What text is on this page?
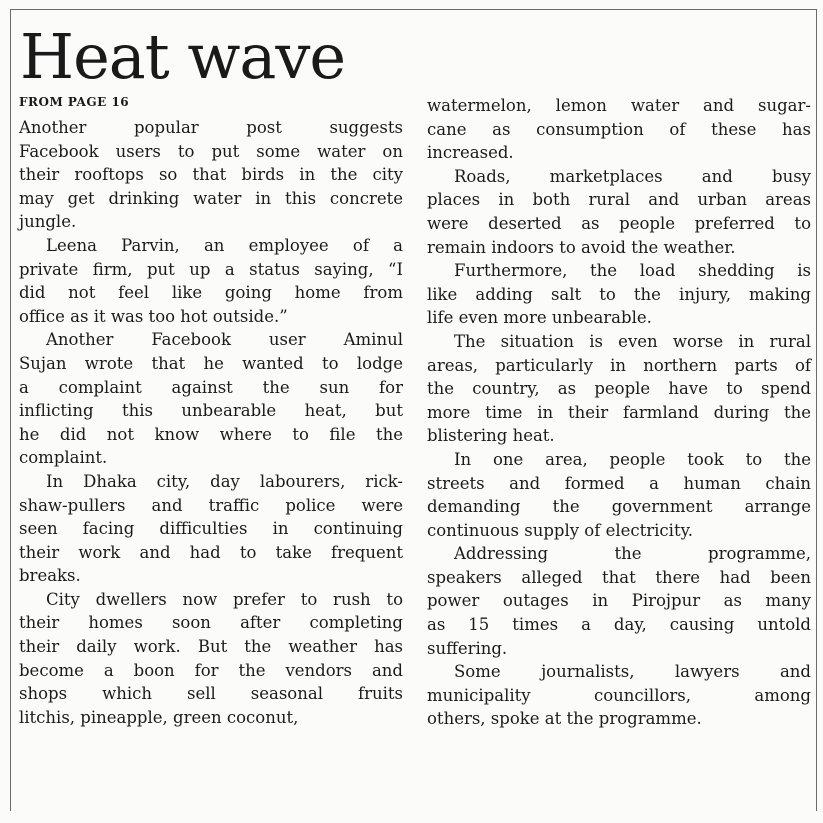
Heat wave
FROM PAGE 16

Another popular post suggests

Facebook users to put some water on

their rooftops so that birds in the city

may get drinking water in this concrete

jungle.

Leena Parvin, an employee of a

private firm, put up a status saying, “I

did not feel like going home from

office as it was too hot outside.”

Another Facebook user Aminul

Sujan wrote that he wanted to lodge

a complaint against the sun for

inflicting this unbearable heat, but

he did not know where to file the

complaint.

In Dhaka city, day labourers, rick-

shaw-pullers and traffic police were

seen facing difficulties in continuing

their work and had to take frequent

breaks.

City dwellers now prefer to rush to

their homes soon after completing

their daily work. But the weather has

become a boon for the vendors and

shops which sell seasonal fruits

litchis, pineapple, green coconut,

watermelon, lemon water and sugar-

cane as consumption of these has

increased.

Roads, marketplaces and busy

places in both rural and urban areas

were deserted as people preferred to

remain indoors to avoid the weather.

Furthermore, the load shedding is

like adding salt to the injury, making

life even more unbearable.

The situation is even worse in rural

areas, particularly in northern parts of

the country, as people have to spend

more time in their farmland during the

blistering heat.

In one area, people took to the

streets and formed a human chain

demanding the government arrange

continuous supply of electricity.

Addressing the programme,

speakers alleged that there had been

power outages in Pirojpur as many

as 15 times a day, causing untold

suffering.

Some journalists, lawyers and

municipality councillors, among

others, spoke at the programme.
